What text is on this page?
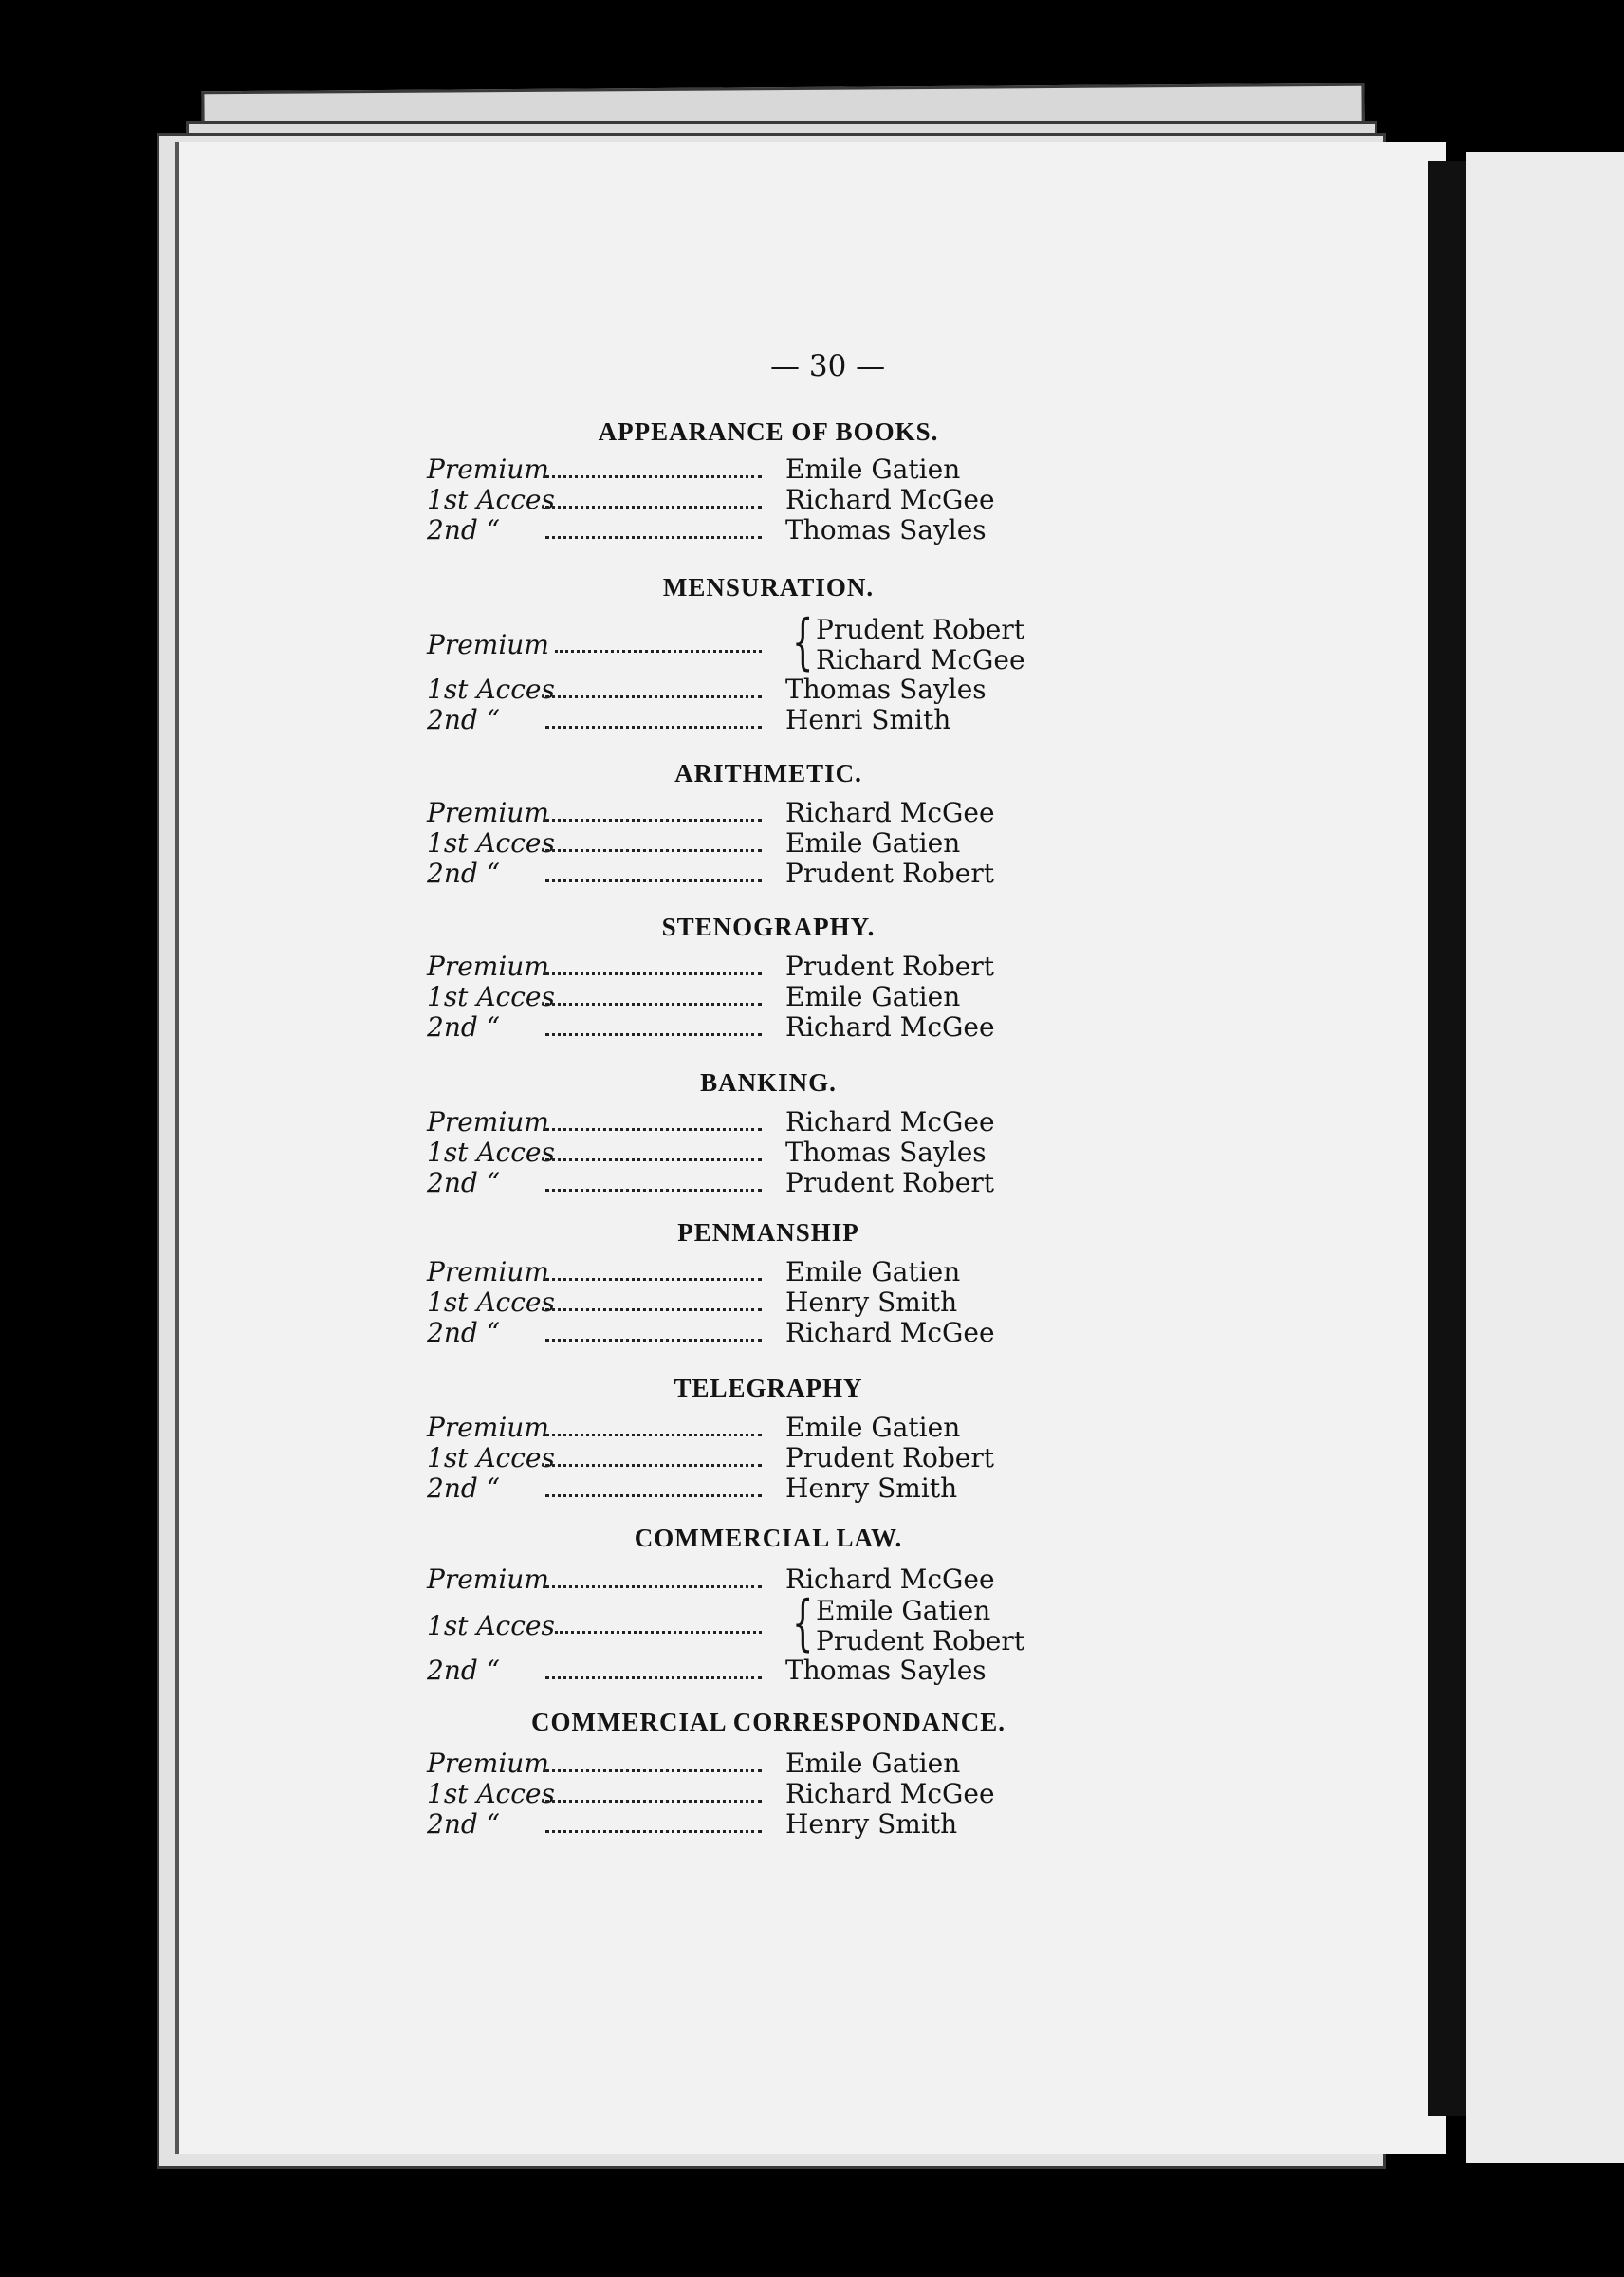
— 30 —
APPEARANCE OF BOOKS.
Premium	Emile Gatien
1st Acces	Richard McGee
2nd “	Thomas Sayles
MENSURATION.
Premium	{ Prudent Robert
Richard McGee
1st Acces	Thomas Sayles
2nd “	Henri Smith
ARITHMETIC.
Premium	Richard McGee
1st Acces	Emile Gatien
2nd “	Prudent Robert
STENOGRAPHY.
Premium	Prudent Robert
1st Acces	Emile Gatien
2nd “	Richard McGee
BANKING.
Premium	Richard McGee
1st Acces	Thomas Sayles
2nd “	Prudent Robert
PENMANSHIP
Premium	Emile Gatien
1st Acces	Henry Smith
2nd “	Richard McGee
TELEGRAPHY
Premium	Emile Gatien
1st Acces	Prudent Robert
2nd “	Henry Smith
COMMERCIAL LAW.
Premium	Richard McGee
1st Acces	{ Emile Gatien
Prudent Robert
2nd “	Thomas Sayles
COMMERCIAL CORRESPONDANCE.
Premium	Emile Gatien
1st Acces	Richard McGee
2nd “	Henry Smith
